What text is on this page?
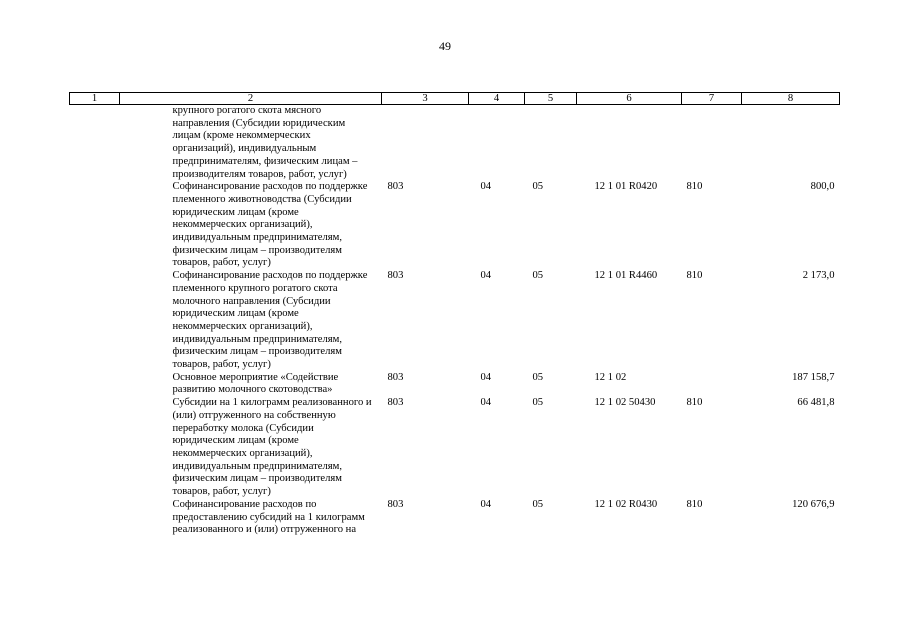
49
1	2	3	4	5	6	7	8
	крупного рогатого скота мясного направления (Субсидии юридическим лицам (кроме некоммерческих организаций), индивидуальным предпринимателям, физическим лицам – производителям товаров, работ, услуг)						
	Софинансирование расходов по поддержке племенного животноводства (Субсидии юридическим лицам (кроме некоммерческих организаций), индивидуальным предпринимателям, физическим лицам – производителям товаров, работ, услуг)	803	04	05	12 1 01 R0420	810	800,0
	Софинансирование расходов по поддержке племенного крупного рогатого скота молочного направления (Субсидии юридическим лицам (кроме некоммерческих организаций), индивидуальным предпринимателям, физическим лицам – производителям товаров, работ, услуг)	803	04	05	12 1 01 R4460	810	2 173,0
	Основное мероприятие «Содействие развитию молочного скотоводства»	803	04	05	12 1 02		187 158,7
	Субсидии на 1 килограмм реализованного и (или) отгруженного на собственную переработку молока (Субсидии юридическим лицам (кроме некоммерческих организаций), индивидуальным предпринимателям, физическим лицам – производителям товаров, работ, услуг)	803	04	05	12 1 02 50430	810	66 481,8
	Софинансирование расходов по предоставлению субсидий на 1 килограмм реализованного и (или) отгруженного на	803	04	05	12 1 02 R0430	810	120 676,9
